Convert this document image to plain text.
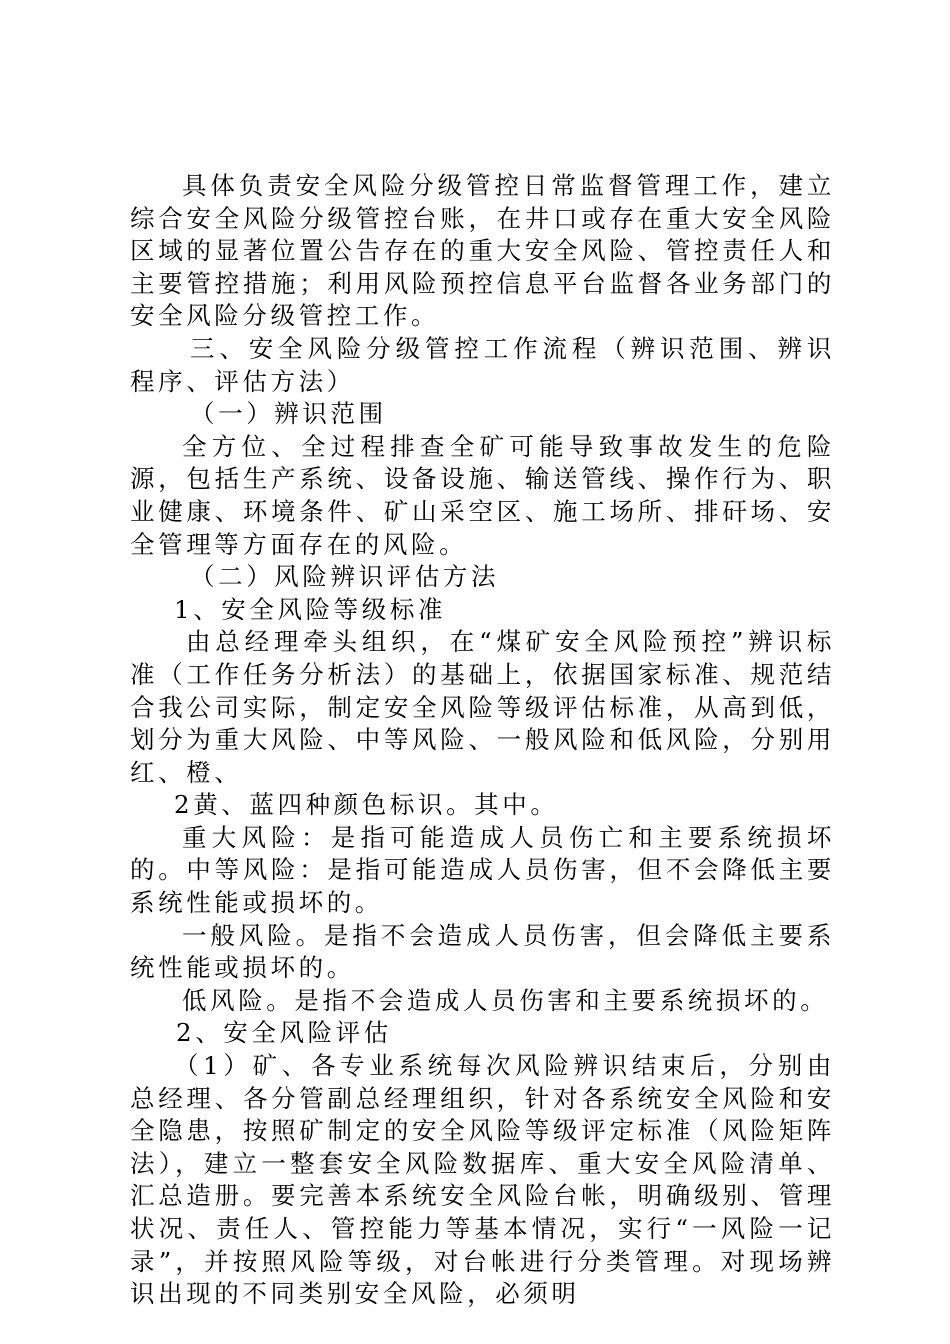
具体负责安全风险分级管控日常监督管理工作，建立综合安全风险分级管控台账，在井口或存在重大安全风险区域的显著位置公告存在的重大安全风险、管控责任人和主要管控措施；利用风险预控信息平台监督各业务部门的安全风险分级管控工作。

三、安全风险分级管控工作流程（辨识范围、辨识程序、评估方法）

（一）辨识范围

全方位、全过程排查全矿可能导致事故发生的危险源，包括生产系统、设备设施、输送管线、操作行为、职业健康、环境条件、矿山采空区、施工场所、排矸场、安全管理等方面存在的风险。

（二）风险辨识评估方法

1、安全风险等级标准

由总经理牵头组织，在“煤矿安全风险预控”辨识标准（工作任务分析法）的基础上，依据国家标准、规范结合我公司实际，制定安全风险等级评估标准，从高到低，划分为重大风险、中等风险、一般风险和低风险，分别用红、橙、

2黄、蓝四种颜色标识。其中。

重大风险：是指可能造成人员伤亡和主要系统损坏的。中等风险：是指可能造成人员伤害，但不会降低主要系统性能或损坏的。

一般风险。是指不会造成人员伤害，但会降低主要系统性能或损坏的。

低风险。是指不会造成人员伤害和主要系统损坏的。

2、安全风险评估

（1）矿、各专业系统每次风险辨识结束后，分别由总经理、各分管副总经理组织，针对各系统安全风险和安全隐患，按照矿制定的安全风险等级评定标准（风险矩阵法），建立一整套安全风险数据库、重大安全风险清单、汇总造册。要完善本系统安全风险台帐，明确级别、管理状况、责任人、管控能力等基本情况，实行“一风险一记录”，并按照风险等级，对台帐进行分类管理。对现场辨识出现的不同类别安全风险，必须明
